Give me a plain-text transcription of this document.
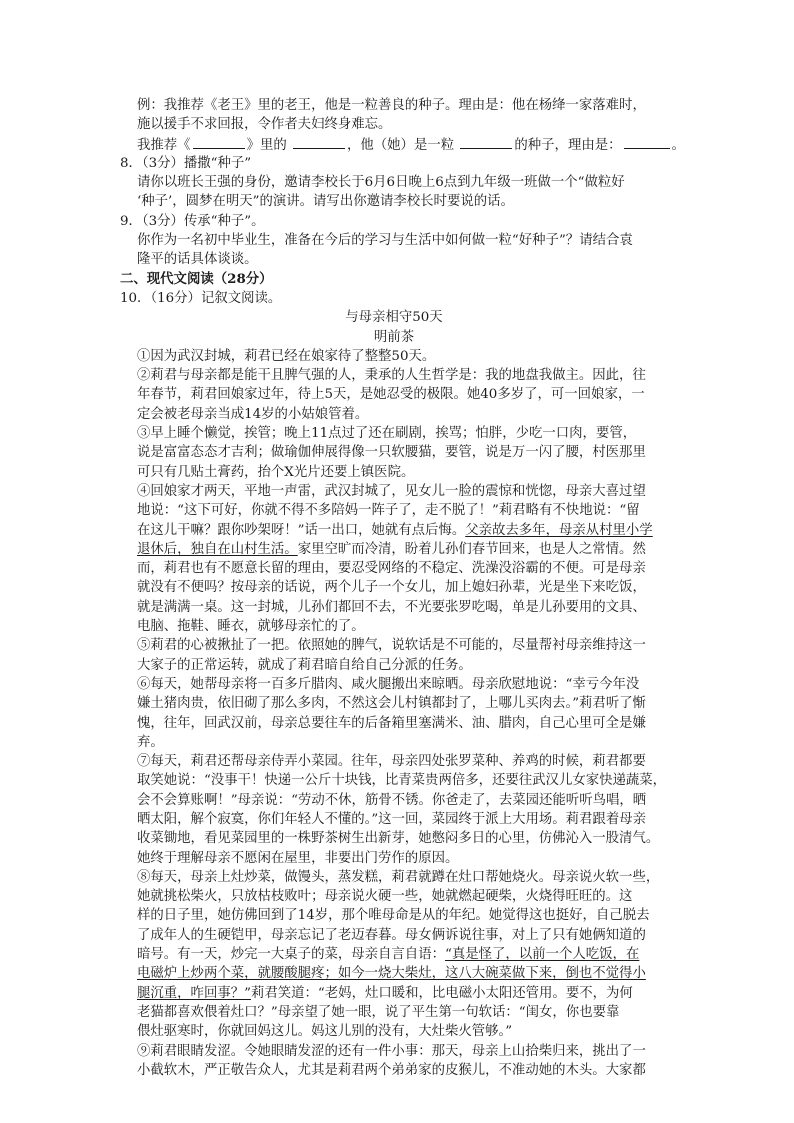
例：我推荐《老王》里的老王，他是一粒善良的种子。理由是：他在杨绛一家落难时，
施以援手不求回报，令作者夫妇终身难忘。
我推荐《	》里的	，他（她）是一粒	的种子，理由是：	。
8．（3分）播撒“种子”
请你以班长王强的身份，邀请李校长于6月6日晚上6点到九年级一班做一个“做粒好
‘种子’，圆梦在明天”的演讲。请写出你邀请李校长时要说的话。
9．（3分）传承“种子”。
你作为一名初中毕业生，准备在今后的学习与生活中如何做一粒“好种子”？请结合袁
隆平的话具体谈谈。
二、现代文阅读（28分）
10．（16分）记叙文阅读。
与母亲相守50天
明前茶
①因为武汉封城，莉君已经在娘家待了整整50天。
②莉君与母亲都是能干且脾气强的人，秉承的人生哲学是：我的地盘我做主。因此，往
年春节，莉君回娘家过年，待上5天，是她忍受的极限。她40多岁了，可一回娘家，一
定会被老母亲当成14岁的小姑娘管着。
③早上睡个懒觉，挨管；晚上11点过了还在刷剧，挨骂；怕胖，少吃一口肉，要管，
说是富富态态才吉利；做瑜伽伸展得像一只软腰猫，要管，说是万一闪了腰，村医那里
可只有几贴土膏药，抬个X光片还要上镇医院。
④回娘家才两天，平地一声雷，武汉封城了，见女儿一脸的震惊和恍惚，母亲大喜过望
地说：“这下可好，你就不得不多陪妈一阵子了，走不脱了！”莉君略有不快地说：“留
在这儿干嘛？跟你吵架呀！”话一出口，她就有点后悔。父亲故去多年，母亲从村里小学
退休后，独自在山村生活。家里空旷而冷清，盼着儿孙们春节回来，也是人之常情。然
而，莉君也有不愿意长留的理由，要忍受网络的不稳定、洗澡没浴霸的不便。可是母亲
就没有不便吗？按母亲的话说，两个儿子一个女儿，加上媳妇孙辈，光是坐下来吃饭，
就是满满一桌。这一封城，儿孙们都回不去，不光要张罗吃喝，单是儿孙要用的文具、
电脑、拖鞋、睡衣，就够母亲忙的了。
⑤莉君的心被揪扯了一把。依照她的脾气，说软话是不可能的，尽量帮衬母亲维持这一
大家子的正常运转，就成了莉君暗自给自己分派的任务。
⑥每天，她帮母亲将一百多斤腊肉、咸火腿搬出来晾晒。母亲欣慰地说：“幸亏今年没
嫌土猪肉贵，依旧砌了那么多肉，不然这会儿村镇都封了，上哪儿买肉去。”莉君听了惭
愧，往年，回武汉前，母亲总要往车的后备箱里塞满米、油、腊肉，自己心里可全是嫌
弃。
⑦每天，莉君还帮母亲侍弄小菜园。往年，母亲四处张罗菜种、养鸡的时候，莉君都要
取笑她说：“没事干！快递一公斤十块钱，比青菜贵两倍多，还要往武汉儿女家快递蔬菜，
会不会算账啊！”母亲说：“劳动不休，筋骨不锈。你爸走了，去菜园还能听听鸟唱，晒
晒太阳，解个寂寞，你们年轻人不懂的。”这一回，菜园终于派上大用场。莉君跟着母亲
收菜锄地，看见菜园里的一株野茶树生出新芽，她憋闷多日的心里，仿佛沁入一股清气。
她终于理解母亲不愿闲在屋里，非要出门劳作的原因。
⑧每天，母亲上灶炒菜，做馒头，蒸发糕，莉君就蹲在灶口帮她烧火。母亲说火软一些，
她就挑松柴火，只放枯枝败叶；母亲说火硬一些，她就燃起硬柴，火烧得旺旺的。这
样的日子里，她仿佛回到了14岁，那个唯母命是从的年纪。她觉得这也挺好，自己脱去
了成年人的生硬铠甲，母亲忘记了老迈春暮。母女俩诉说往事，对上了只有她俩知道的
暗号。有一天，炒完一大桌子的菜，母亲自言自语：“真是怪了，以前一个人吃饭，在
电磁炉上炒两个菜，就腰酸腿疼；如今一烧大柴灶，这八大碗菜做下来，倒也不觉得小
腿沉重，咋回事？”莉君笑道：“老妈，灶口暖和，比电磁小太阳还管用。要不，为何
老猫都喜欢偎着灶口？”母亲望了她一眼，说了平生第一句软话：“闺女，你也要靠
偎灶驱寒时，你就回妈这儿。妈这儿别的没有，大灶柴火管够。”
⑨莉君眼睛发涩。令她眼睛发涩的还有一件小事：那天，母亲上山拾柴归来，挑出了一
小截软木，严正敬告众人，尤其是莉君两个弟弟家的皮猴儿，不准动她的木头。大家都
